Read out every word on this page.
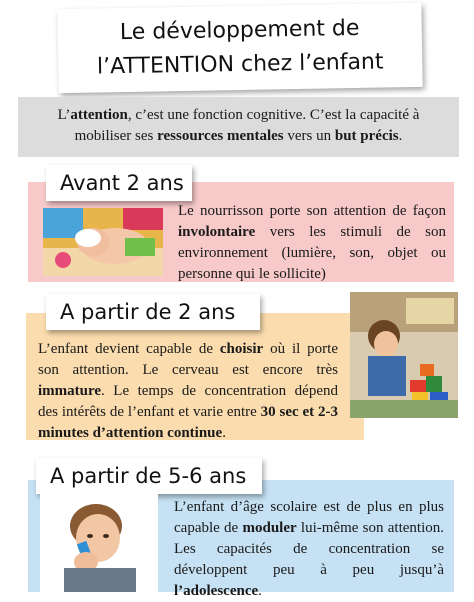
Le développement de
l’ATTENTION chez l’enfant
L’attention, c’est une fonction cognitive. C’est la capacité à mobiliser ses ressources mentales vers un but précis.
Avant 2 ans
Le nourrisson porte son attention de façon involontaire vers les stimuli de son environnement (lumière, son, objet ou personne qui le sollicite)
A partir de 2 ans
L’enfant devient capable de choisir où il porte son attention. Le cerveau est encore très immature. Le temps de concentration dépend des intérêts de l’enfant et varie entre 30 sec et 2-3 minutes d’attention continue.
A partir de 5-6 ans
L’enfant d’âge scolaire est de plus en plus capable de moduler lui-même son attention. Les capacités de concentration se développent peu à peu jusqu’à l’adolescence.
